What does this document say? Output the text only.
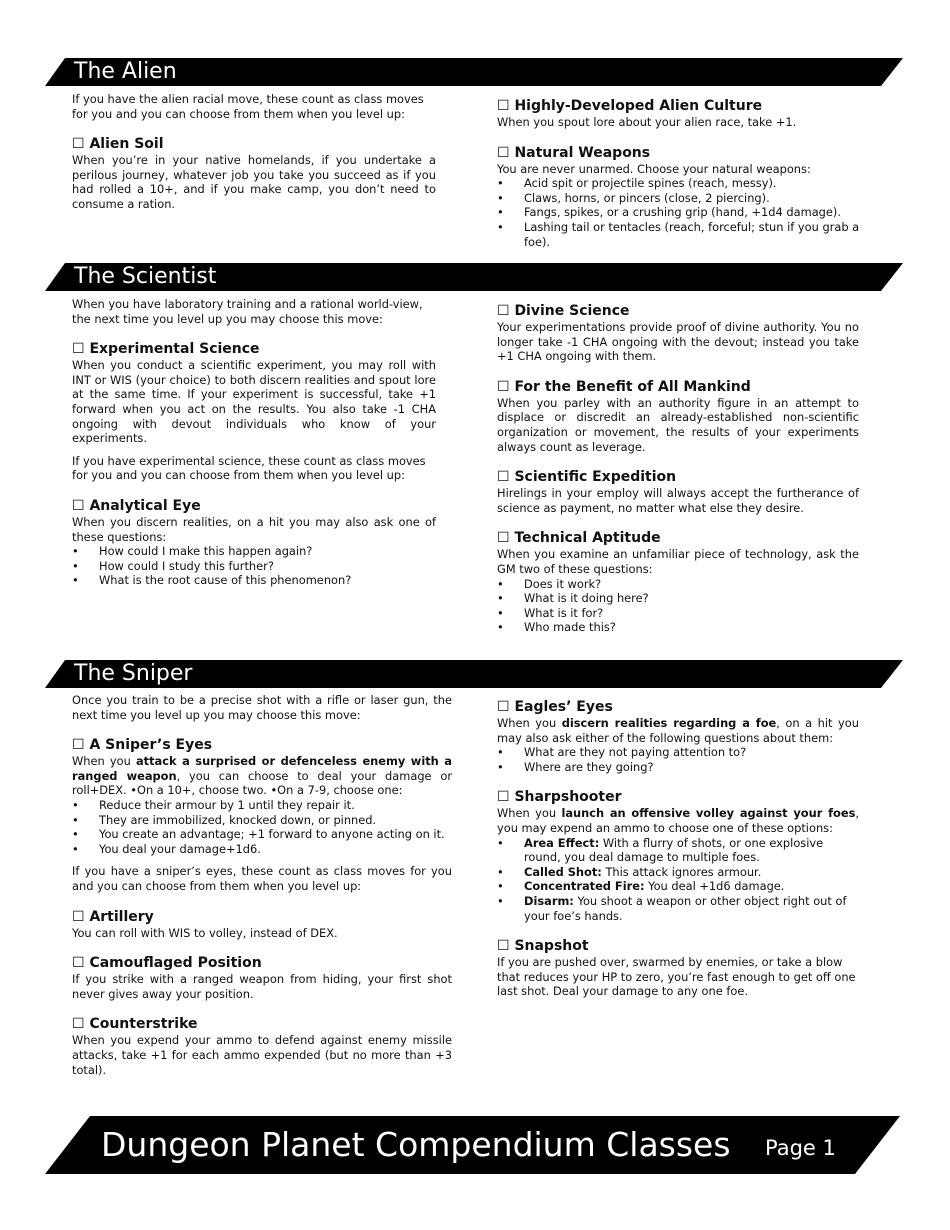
The Alien

If you have the alien racial move, these count as class moves for you and you can choose from them when you level up:

☐ Alien Soil

When you’re in your native homelands, if you undertake a perilous journey, whatever job you take you succeed as if you had rolled a 10+, and if you make camp, you don’t need to consume a ration.

☐ Highly-Developed Alien Culture

When you spout lore about your alien race, take +1.

☐ Natural Weapons

You are never unarmed. Choose your natural weapons:

• Acid spit or projectile spines (reach, messy).
• Claws, horns, or pincers (close, 2 piercing).
• Fangs, spikes, or a crushing grip (hand, +1d4 damage).
• Lashing tail or tentacles (reach, forceful; stun if you grab a foe).
The Scientist

When you have laboratory training and a rational world-view, the next time you level up you may choose this move:

☐ Experimental Science

When you conduct a scientific experiment, you may roll with INT or WIS (your choice) to both discern realities and spout lore at the same time. If your experiment is successful, take +1 forward when you act on the results. You also take -1 CHA ongoing with devout individuals who know of your experiments.

If you have experimental science, these count as class moves for you and you can choose from them when you level up:

☐ Analytical Eye

When you discern realities, on a hit you may also ask one of these questions:

• How could I make this happen again?
• How could I study this further?
• What is the root cause of this phenomenon?

☐ Divine Science

Your experimentations provide proof of divine authority. You no longer take -1 CHA ongoing with the devout; instead you take +1 CHA ongoing with them.

☐ For the Benefit of All Mankind

When you parley with an authority figure in an attempt to displace or discredit an already-established non-scientific organization or movement, the results of your experiments always count as leverage.

☐ Scientific Expedition

Hirelings in your employ will always accept the furtherance of science as payment, no matter what else they desire.

☐ Technical Aptitude

When you examine an unfamiliar piece of technology, ask the GM two of these questions:

• Does it work?
• What is it doing here?
• What is it for?
• Who made this?
The Sniper

Once you train to be a precise shot with a rifle or laser gun, the next time you level up you may choose this move:

☐ A Sniper’s Eyes

When you attack a surprised or defenceless enemy with a ranged weapon, you can choose to deal your damage or roll+DEX. •On a 10+, choose two. •On a 7-9, choose one:

• Reduce their armour by 1 until they repair it.
• They are immobilized, knocked down, or pinned.
• You create an advantage; +1 forward to anyone acting on it.
• You deal your damage+1d6.

If you have a sniper’s eyes, these count as class moves for you and you can choose from them when you level up:

☐ Artillery

You can roll with WIS to volley, instead of DEX.

☐ Camouflaged Position

If you strike with a ranged weapon from hiding, your first shot never gives away your position.

☐ Counterstrike

When you expend your ammo to defend against enemy missile attacks, take +1 for each ammo expended (but no more than +3 total).

☐ Eagles’ Eyes

When you discern realities regarding a foe, on a hit you may also ask either of the following questions about them:

• What are they not paying attention to?
• Where are they going?

☐ Sharpshooter

When you launch an offensive volley against your foes, you may expend an ammo to choose one of these options:

• Area Effect: With a flurry of shots, or one explosive round, you deal damage to multiple foes.
• Called Shot: This attack ignores armour.
• Concentrated Fire: You deal +1d6 damage.
• Disarm: You shoot a weapon or other object right out of your foe’s hands.

☐ Snapshot

If you are pushed over, swarmed by enemies, or take a blow that reduces your HP to zero, you’re fast enough to get off one last shot. Deal your damage to any one foe.

Dungeon Planet Compendium Classes Page 1
